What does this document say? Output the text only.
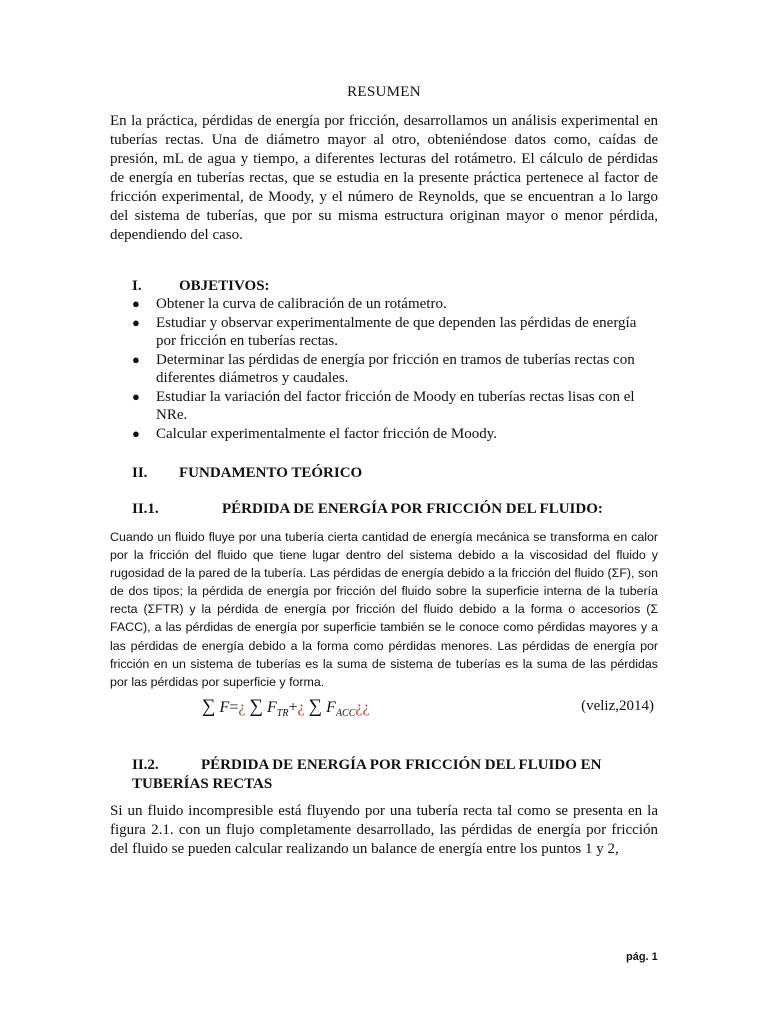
RESUMEN

En la práctica, pérdidas de energía por fricción, desarrollamos un análisis experimental en tuberías rectas. Una de diámetro mayor al otro, obteniéndose datos como, caídas de presión, mL de agua y tiempo, a diferentes lecturas del rotámetro. El cálculo de pérdidas de energía en tuberías rectas, que se estudia en la presente práctica pertenece al factor de fricción experimental, de Moody, y el número de Reynolds, que se encuentran a lo largo del sistema de tuberías, que por su misma estructura originan mayor o menor pérdida, dependiendo del caso.

I. OBJETIVOS:
● Obtener la curva de calibración de un rotámetro.
● Estudiar y observar experimentalmente de que dependen las pérdidas de energía por fricción en tuberías rectas.
● Determinar las pérdidas de energía por fricción en tramos de tuberías rectas con diferentes diámetros y caudales.
● Estudiar la variación del factor fricción de Moody en tuberías rectas lisas con el NRe.
● Calcular experimentalmente el factor fricción de Moody.
II. FUNDAMENTO TEÓRICO
II.1.	PÉRDIDA DE ENERGÍA POR FRICCIÓN DEL FLUIDO:

Cuando un fluido fluye por una tubería cierta cantidad de energía mecánica se transforma en calor por la fricción del fluido que tiene lugar dentro del sistema debido a la viscosidad del fluido y rugosidad de la pared de la tubería. Las pérdidas de energía debido a la fricción del fluido (ΣF), son de dos tipos; la pérdida de energía por fricción del fluido sobre la superficie interna de la tubería recta (ΣFTR) y la pérdida de energía por fricción del fluido debido a la forma o accesorios (Σ FACC), a las pérdidas de energía por superficie también se le conoce como pérdidas mayores y a las pérdidas de energía debido a la forma como pérdidas menores. Las pérdidas de energía por fricción en un sistema de tuberías es la suma de sistema de tuberías es la suma de las pérdidas por las pérdidas por superficie y forma.

∑ F=¿ ∑ $F_{TR}+¿$ ∑ $F_{ACC}¿¿$	(veliz,2014)
II.2.	PÉRDIDA DE ENERGÍA POR FRICCIÓN DEL FLUIDO EN TUBERÍAS RECTAS

Si un fluido incompresible está fluyendo por una tubería recta tal como se presenta en la figura 2.1. con un flujo completamente desarrollado, las pérdidas de energía por fricción del fluido se pueden calcular realizando un balance de energía entre los puntos 1 y 2,

pág. 1
